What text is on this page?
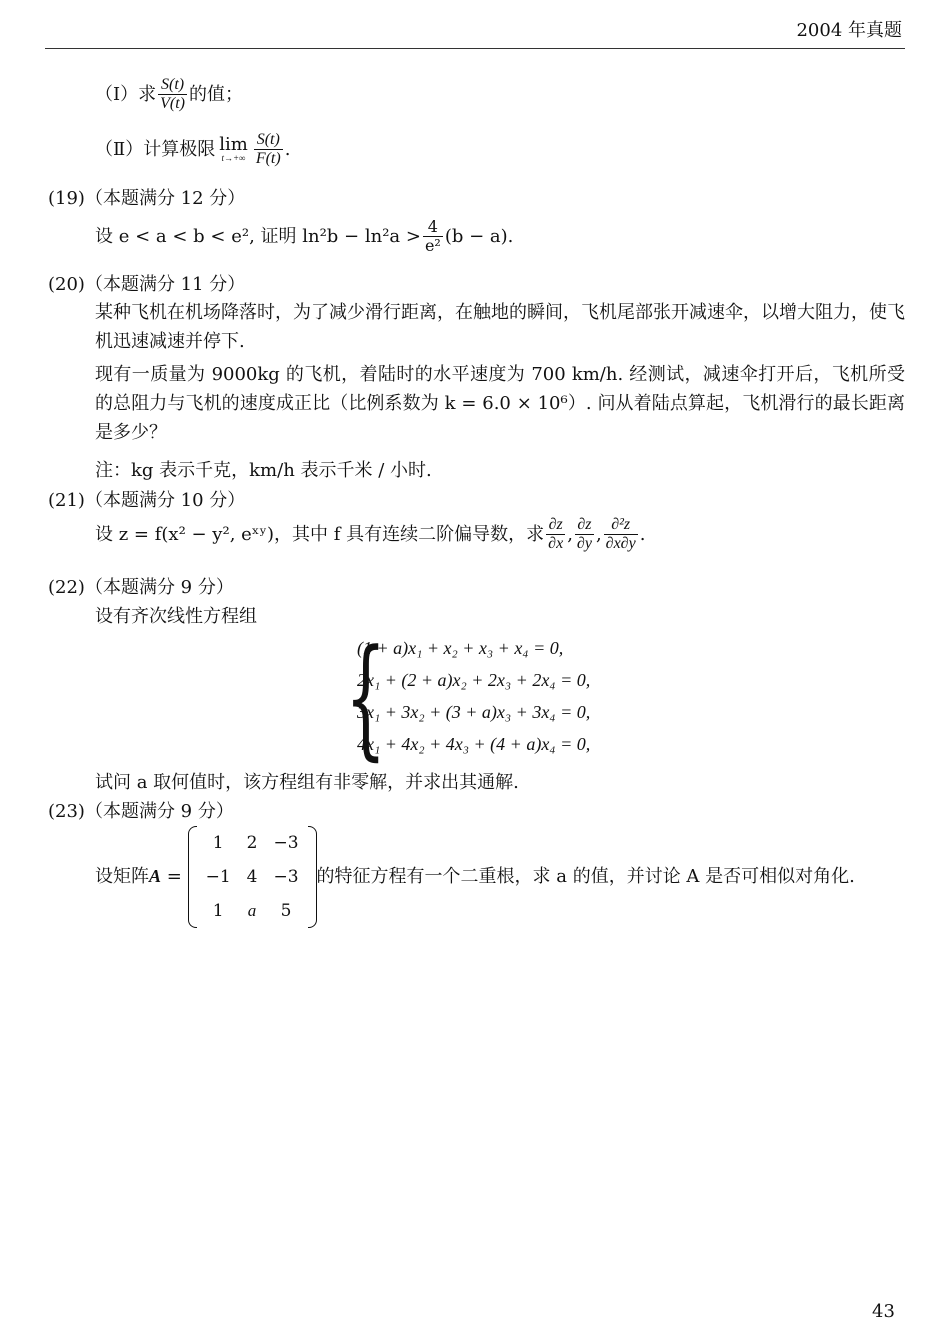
2004 年真题
（Ⅰ）求 $\frac{S(t)}{V(t)}$ 的值；
（Ⅱ）计算极限 lim
$t\to+\infty \frac{S(t)}{F(t)}$ .
(19)（本题满分 12 分）
设 e < a < b < e², 证明 $\ln^2b - \ln^2a > \frac{4}{\text{e²}} (b - a)$.
(20)（本题满分 11 分）
某种飞机在机场降落时，为了减少滑行距离，在触地的瞬间，飞机尾部张开减速伞，以增大阻力，使飞机迅速减速并停下.
现有一质量为 9000kg 的飞机，着陆时的水平速度为 700 km/h. 经测试，减速伞打开后，飞机所受的总阻力与飞机的速度成正比（比例系数为 k = 6.0 × 10⁶）. 问从着陆点算起，飞机滑行的最长距离是多少？
注：kg 表示千克，km/h 表示千米 / 小时.
(21)（本题满分 10 分）
设 z = f(x² − y², eˣʸ)，其中 f 具有连续二阶偏导数，求 $\frac{\partial z}{\partial x}$ , $\frac{\partial z}{\partial y}$ , $\frac{\text{∂²z}}{\partial x\partial y}$ .
(22)（本题满分 9 分）
设有齐次线性方程组
{
(1 + a)x₁ + x₂ + x₃ + x₄ = 0,
2x₁ + (2 + a)x₂ + 2x₃ + 2x₄ = 0,
3x₁ + 3x₂ + (3 + a)x₃ + 3x₄ = 0,
4x₁ + 4x₂ + 4x₃ + (4 + a)x₄ = 0,
试问 a 取何值时，该方程组有非零解，并求出其通解.
(23)（本题满分 9 分）
设矩阵A =
1	2	−3
−1	4	−3
1	a	5
的特征方程有一个二重根，求 a 的值，并讨论 A 是否可相似对角化.
43
